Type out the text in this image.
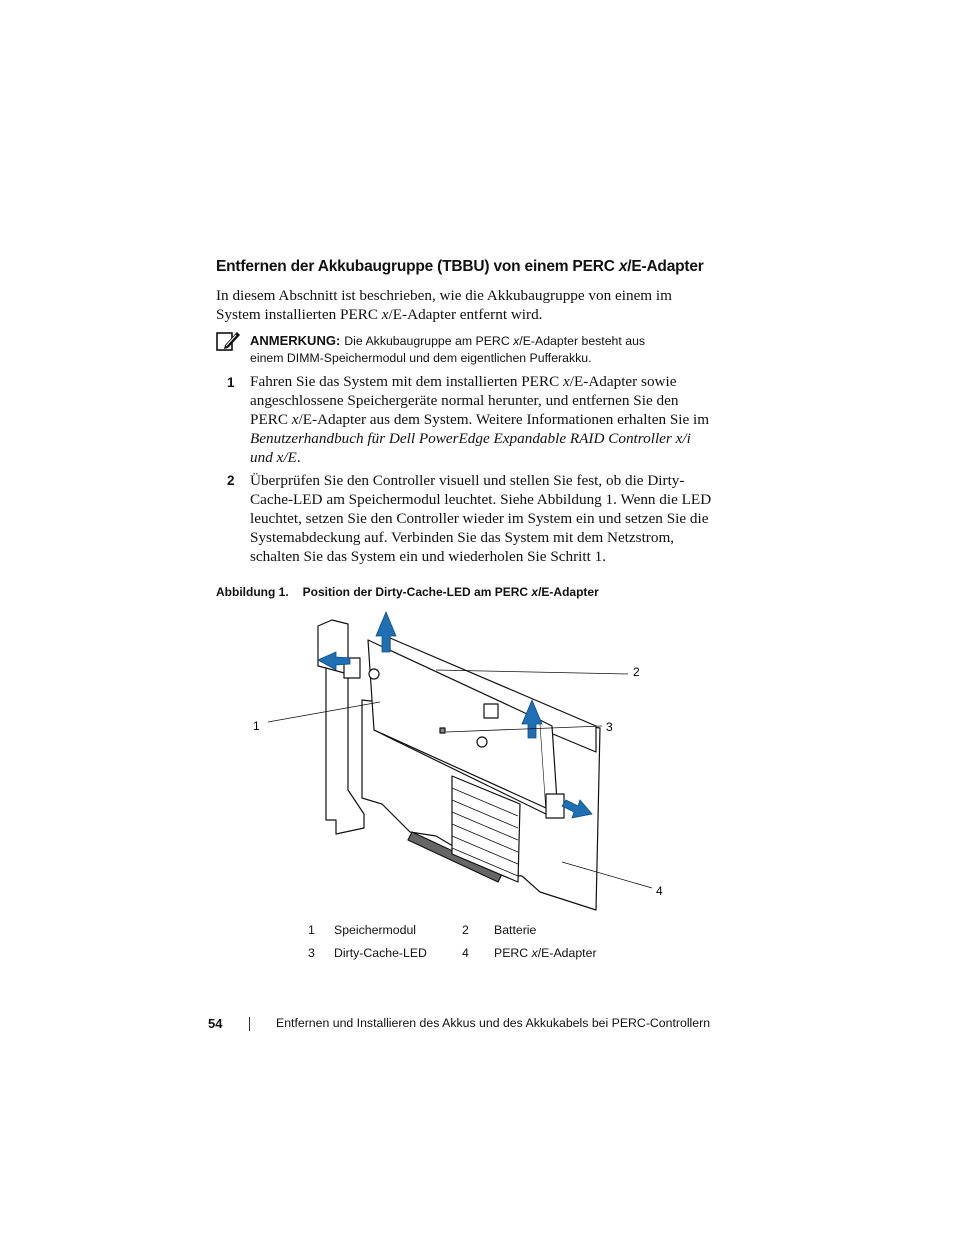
Entfernen der Akkubaugruppe (TBBU) von einem PERC x/E-Adapter
In diesem Abschnitt ist beschrieben, wie die Akkubaugruppe von einem im System installierten PERC x/E-Adapter entfernt wird.
ANMERKUNG: Die Akkubaugruppe am PERC x/E-Adapter besteht aus einem DIMM-Speichermodul und dem eigentlichen Pufferakku.
1 Fahren Sie das System mit dem installierten PERC x/E-Adapter sowie angeschlossene Speichergeräte normal herunter, und entfernen Sie den PERC x/E-Adapter aus dem System. Weitere Informationen erhalten Sie im Benutzerhandbuch für Dell PowerEdge Expandable RAID Controller x/i und x/E.
2 Überprüfen Sie den Controller visuell und stellen Sie fest, ob die Dirty-Cache-LED am Speichermodul leuchtet. Siehe Abbildung 1. Wenn die LED leuchtet, setzen Sie den Controller wieder im System ein und setzen Sie die Systemabdeckung auf. Verbinden Sie das System mit dem Netzstrom, schalten Sie das System ein und wiederholen Sie Schritt 1.
Abbildung 1. Position der Dirty-Cache-LED am PERC x/E-Adapter
2
1	3
4
1	Speichermodul	2	Batterie
3	Dirty-Cache-LED	4	PERC x/E-Adapter
54	Entfernen und Installieren des Akkus und des Akkukabels bei PERC-Controllern
